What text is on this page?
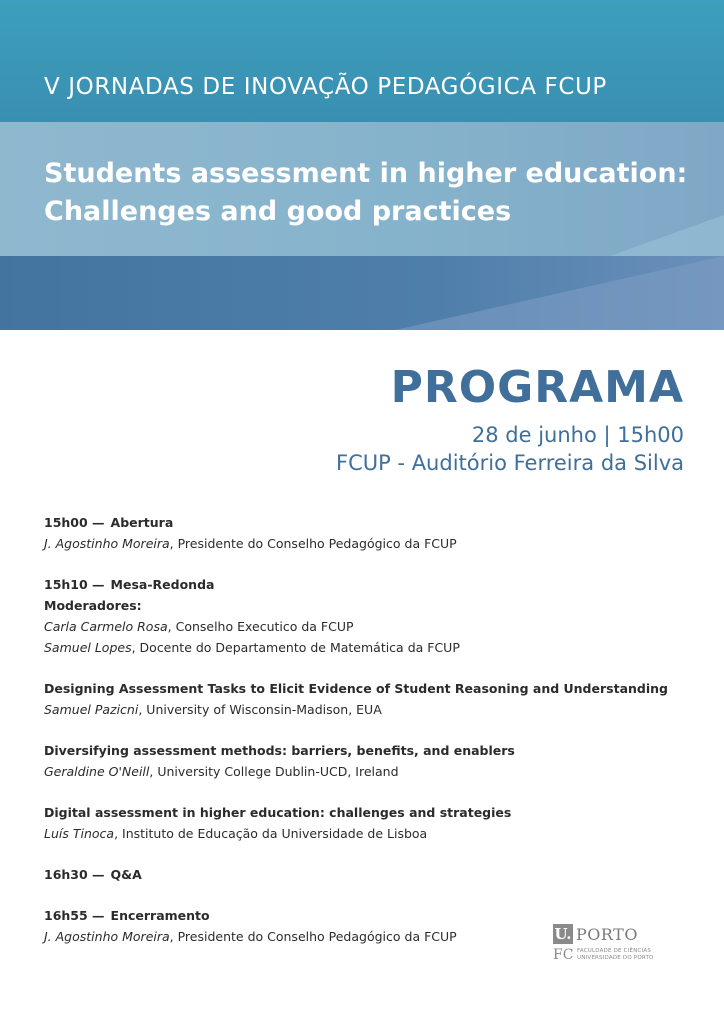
V JORNADAS DE INOVAÇÃO PEDAGÓGICA FCUP
Students assessment in higher education:
Challenges and good practices
PROGRAMA
28 de junho | 15h00
FCUP - Auditório Ferreira da Silva
15h00 — Abertura
J. Agostinho Moreira, Presidente do Conselho Pedagógico da FCUP
15h10 — Mesa-Redonda
Moderadores:
Carla Carmelo Rosa, Conselho Executico da FCUP
Samuel Lopes, Docente do Departamento de Matemática da FCUP
Designing Assessment Tasks to Elicit Evidence of Student Reasoning and Understanding
Samuel Pazicni, University of Wisconsin-Madison, EUA
Diversifying assessment methods: barriers, benefits, and enablers
Geraldine O'Neill, University College Dublin-UCD, Ireland
Digital assessment in higher education: challenges and strategies
Luís Tinoca, Instituto de Educação da Universidade de Lisboa
16h30 — Q&A
16h55 — Encerramento
J. Agostinho Moreira, Presidente do Conselho Pedagógico da FCUP	U. PORTO
FC FACULDADE DE CIÊNCIAS
UNIVERSIDADE DO PORTO
